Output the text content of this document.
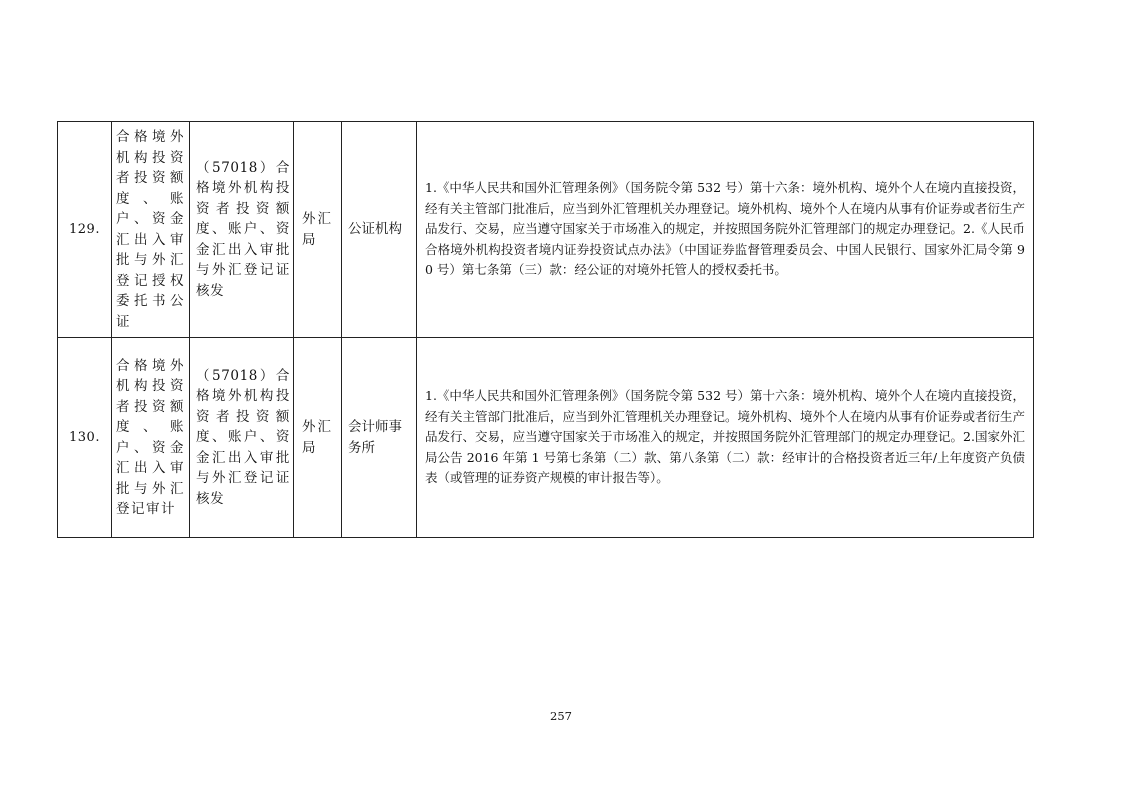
129.	合格境外机构投资者投资额度、账户、资金汇出入审批与外汇登记授权委托书公证	（57018）合格境外机构投资者投资额度、账户、资金汇出入审批与外汇登记证核发	外汇局	公证机构	1.《中华人民共和国外汇管理条例》（国务院令第 532 号）第十六条：境外机构、境外个人在境内直接投资，经有关主管部门批准后，应当到外汇管理机关办理登记。境外机构、境外个人在境内从事有价证券或者衍生产品发行、交易，应当遵守国家关于市场准入的规定，并按照国务院外汇管理部门的规定办理登记。2.《人民币合格境外机构投资者境内证券投资试点办法》（中国证券监督管理委员会、中国人民银行、国家外汇局令第 90 号）第七条第（三）款：经公证的对境外托管人的授权委托书。
130.	合格境外机构投资者投资额度、账户、资金汇出入审批与外汇登记审计	（57018）合格境外机构投资者投资额度、账户、资金汇出入审批与外汇登记证核发	外汇局	会计师事务所	1.《中华人民共和国外汇管理条例》（国务院令第 532 号）第十六条：境外机构、境外个人在境内直接投资，经有关主管部门批准后，应当到外汇管理机关办理登记。境外机构、境外个人在境内从事有价证券或者衍生产品发行、交易，应当遵守国家关于市场准入的规定，并按照国务院外汇管理部门的规定办理登记。2.国家外汇局公告 2016 年第 1 号第七条第（二）款、第八条第（二）款：经审计的合格投资者近三年/上年度资产负债表（或管理的证券资产规模的审计报告等）。
257
